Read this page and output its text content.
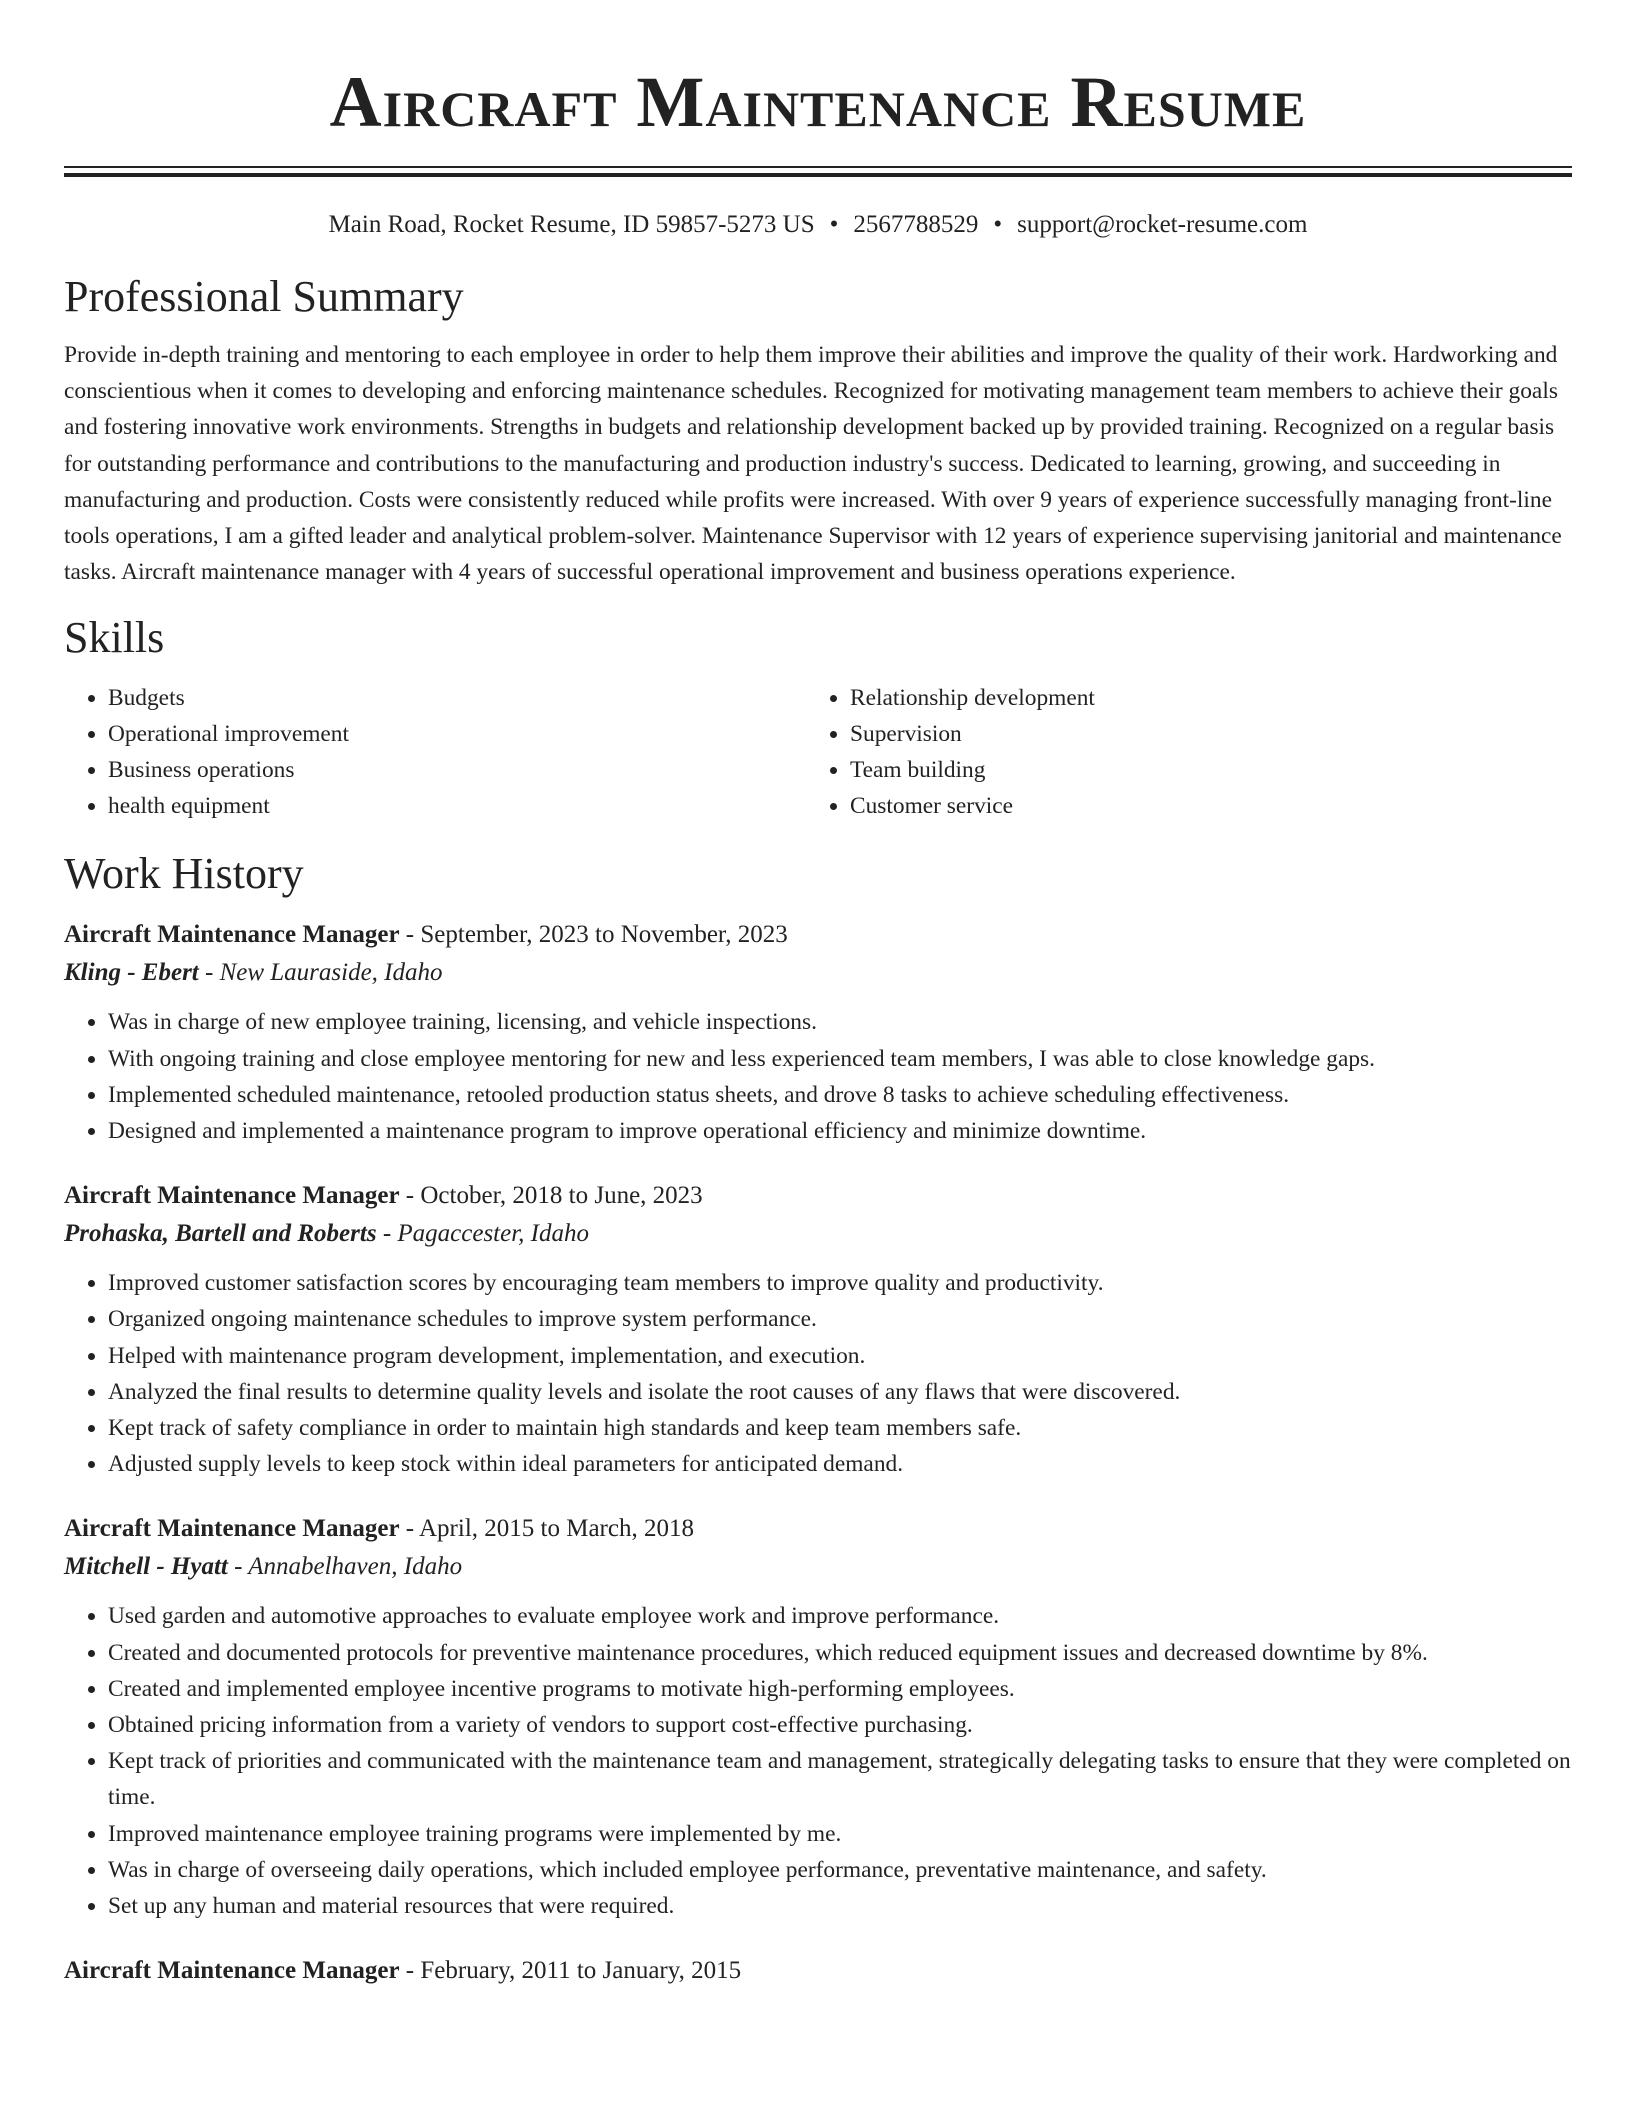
Aircraft Maintenance Resume
Main Road, Rocket Resume, ID 59857-5273 US • 2567788529 • support@rocket-resume.com
Professional Summary

Provide in-depth training and mentoring to each employee in order to help them improve their abilities and improve the quality of their work. Hardworking and conscientious when it comes to developing and enforcing maintenance schedules. Recognized for motivating management team members to achieve their goals and fostering innovative work environments. Strengths in budgets and relationship development backed up by provided training. Recognized on a regular basis for outstanding performance and contributions to the manufacturing and production industry's success. Dedicated to learning, growing, and succeeding in manufacturing and production. Costs were consistently reduced while profits were increased. With over 9 years of experience successfully managing front-line tools operations, I am a gifted leader and analytical problem-solver. Maintenance Supervisor with 12 years of experience supervising janitorial and maintenance tasks. Aircraft maintenance manager with 4 years of successful operational improvement and business operations experience.

Skills
• Budgets
• Operational improvement
• Business operations
• health equipment
• Relationship development
• Supervision
• Team building
• Customer service
Work History
Aircraft Maintenance Manager - September, 2023 to November, 2023
Kling - Ebert - New Lauraside, Idaho
• Was in charge of new employee training, licensing, and vehicle inspections.
• With ongoing training and close employee mentoring for new and less experienced team members, I was able to close knowledge gaps.
• Implemented scheduled maintenance, retooled production status sheets, and drove 8 tasks to achieve scheduling effectiveness.
• Designed and implemented a maintenance program to improve operational efficiency and minimize downtime.
Aircraft Maintenance Manager - October, 2018 to June, 2023
Prohaska, Bartell and Roberts - Pagaccester, Idaho
• Improved customer satisfaction scores by encouraging team members to improve quality and productivity.
• Organized ongoing maintenance schedules to improve system performance.
• Helped with maintenance program development, implementation, and execution.
• Analyzed the final results to determine quality levels and isolate the root causes of any flaws that were discovered.
• Kept track of safety compliance in order to maintain high standards and keep team members safe.
• Adjusted supply levels to keep stock within ideal parameters for anticipated demand.
Aircraft Maintenance Manager - April, 2015 to March, 2018
Mitchell - Hyatt - Annabelhaven, Idaho
• Used garden and automotive approaches to evaluate employee work and improve performance.
• Created and documented protocols for preventive maintenance procedures, which reduced equipment issues and decreased downtime by 8%.
• Created and implemented employee incentive programs to motivate high-performing employees.
• Obtained pricing information from a variety of vendors to support cost-effective purchasing.
• Kept track of priorities and communicated with the maintenance team and management, strategically delegating tasks to ensure that they were completed on time.
• Improved maintenance employee training programs were implemented by me.
• Was in charge of overseeing daily operations, which included employee performance, preventative maintenance, and safety.
• Set up any human and material resources that were required.
Aircraft Maintenance Manager - February, 2011 to January, 2015
